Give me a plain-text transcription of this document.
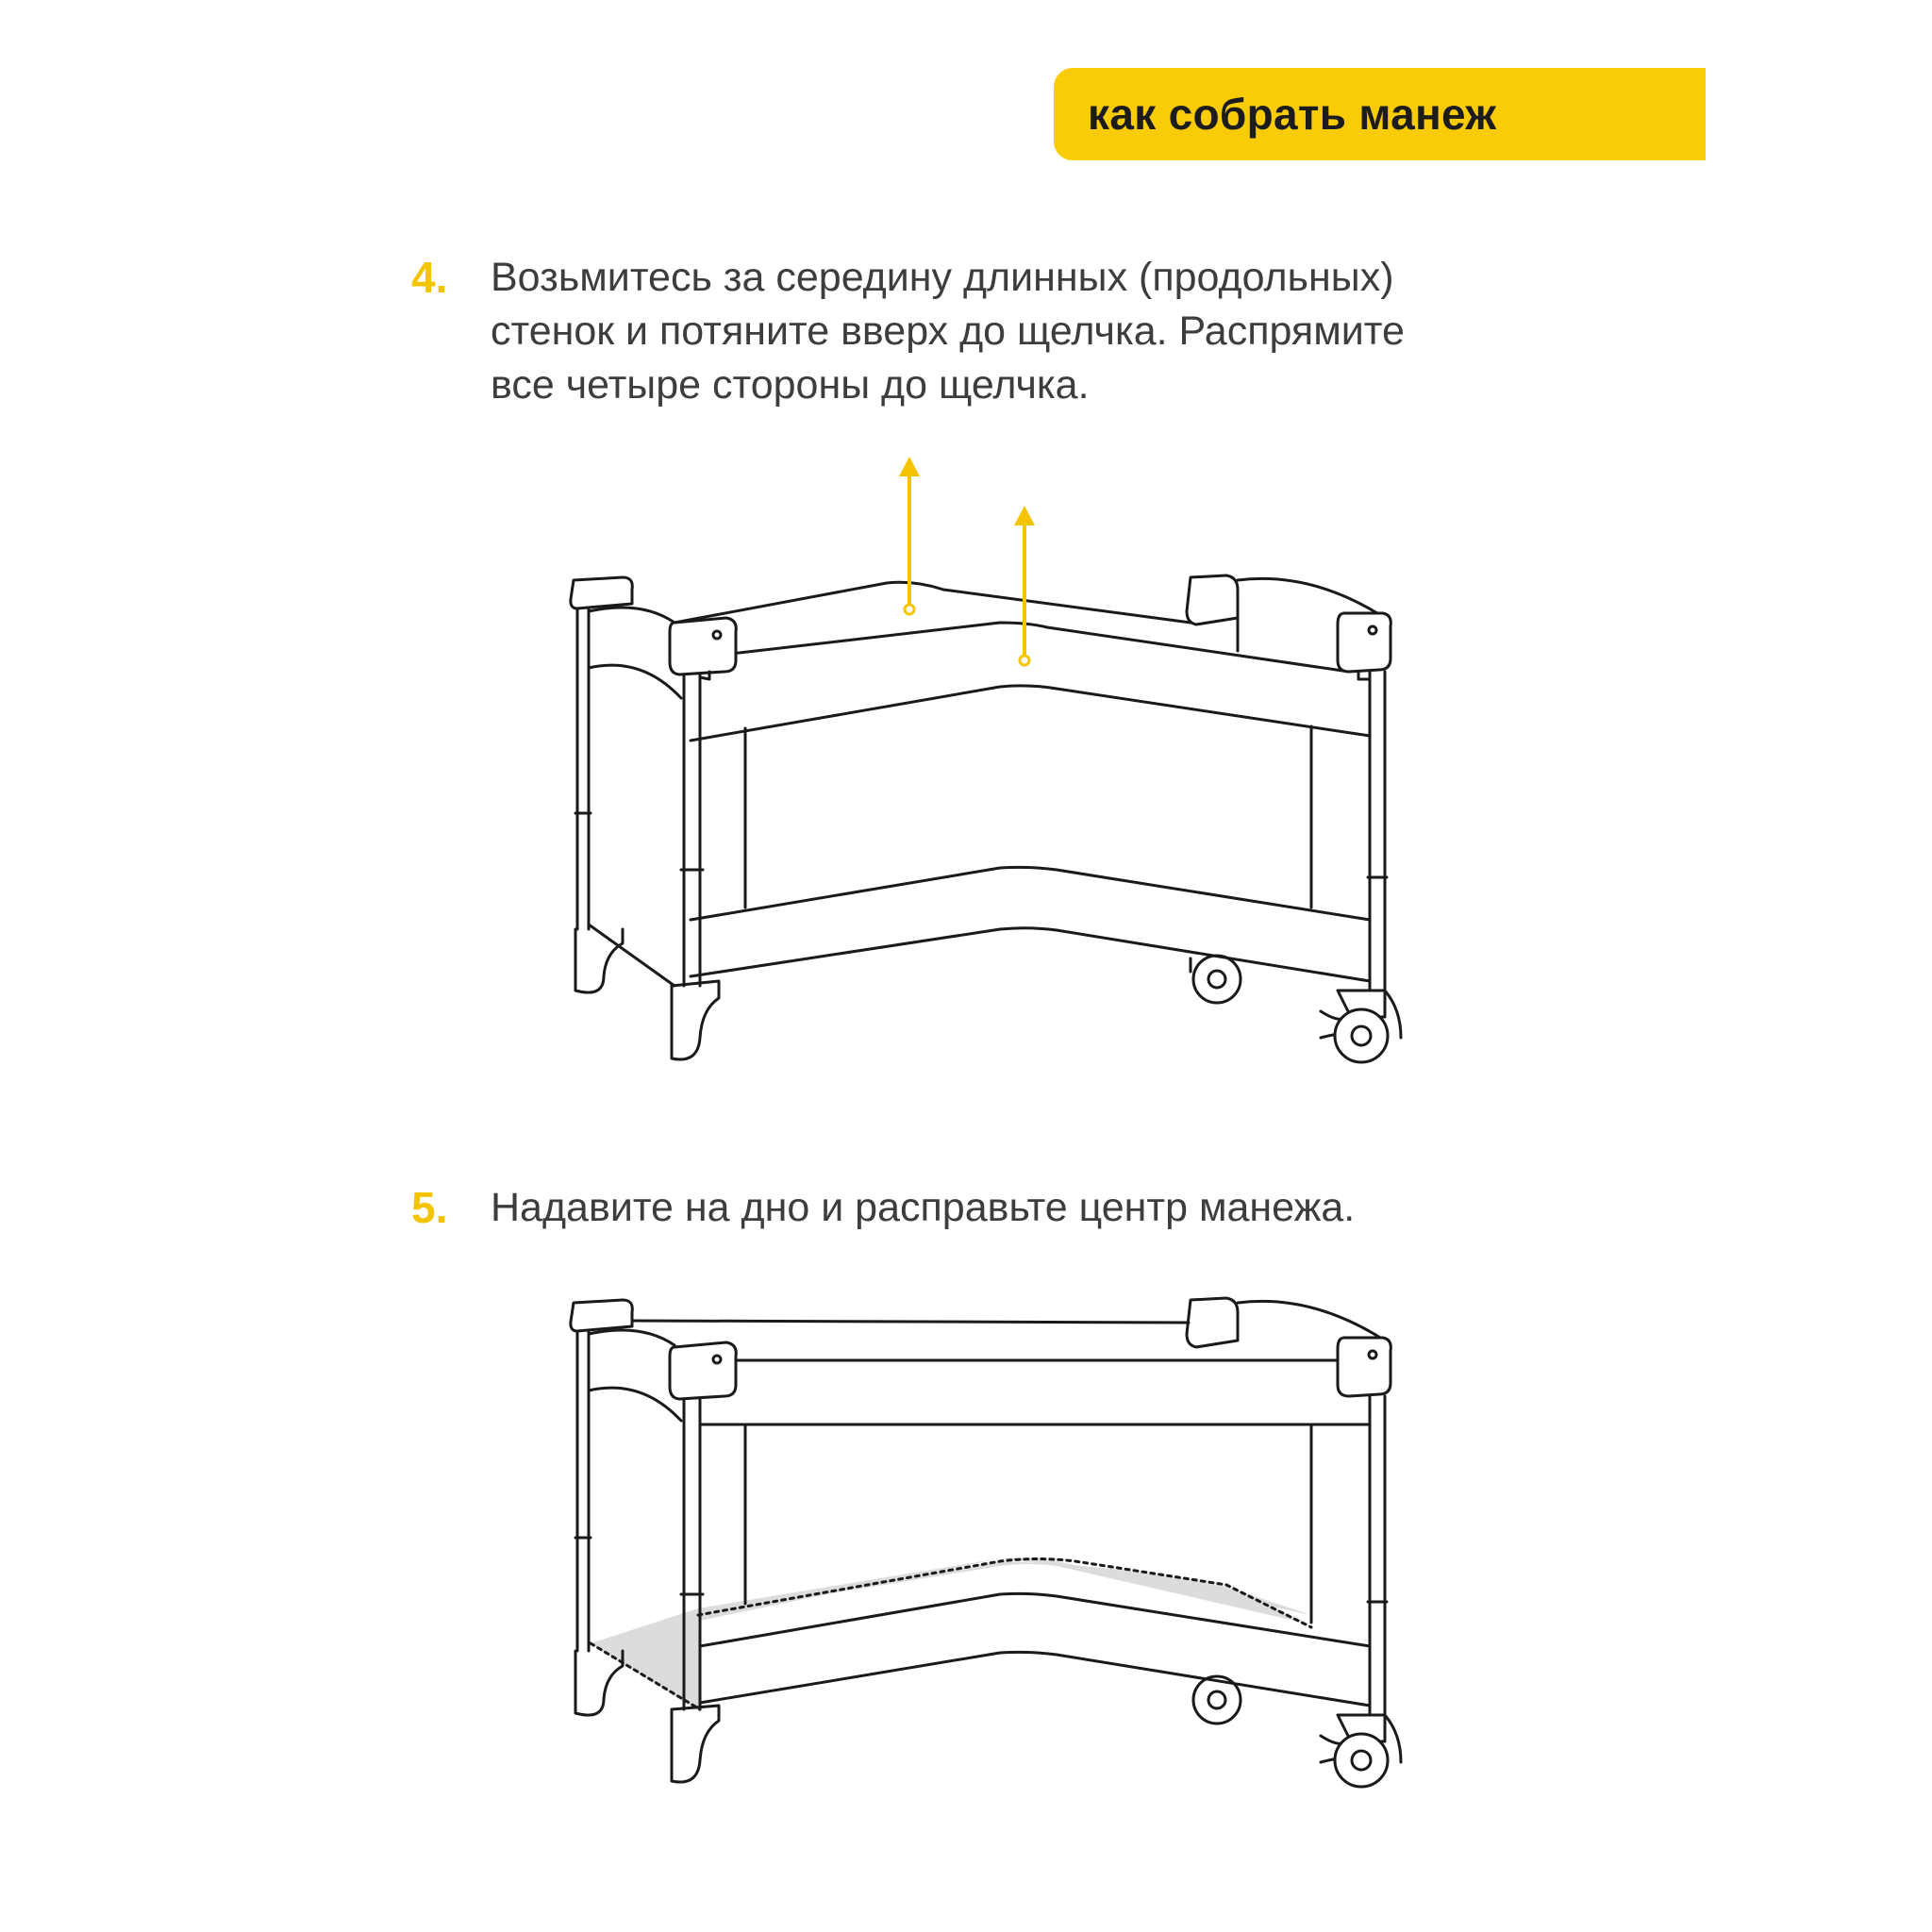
как собрать манеж
4.	Возьмитесь за середину длинных (продольных)
стенок и потяните вверх до щелчка. Распрямите
все четыре стороны до щелчка.
5.	Надавите на дно и расправьте центр манежа.
